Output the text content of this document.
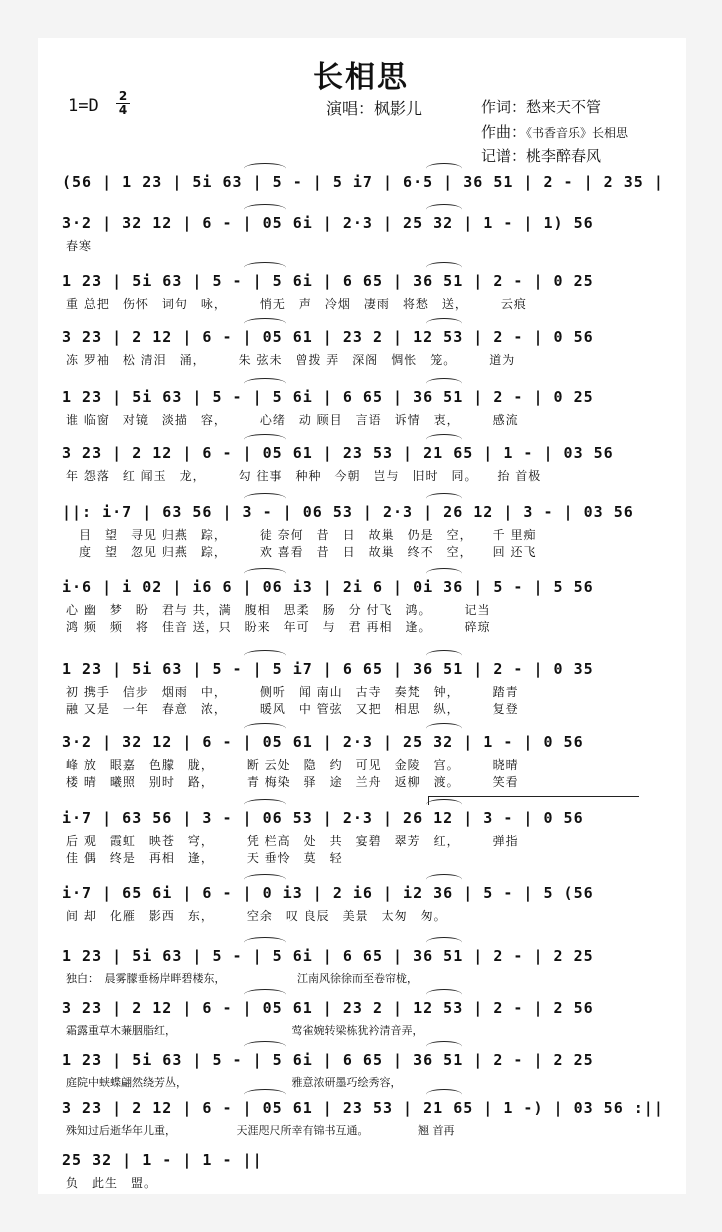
长相思
1=D 2
4	演唱：枫影儿	作词：愁来天不管
作曲：《书香音乐》长相思
记谱：桃李醉春风
(56 | 1 23 | 5i 63 | 5 - | 5 i7 | 6·5 | 36 51 | 2 - | 2 35 |
3·2 | 32 12 | 6 - | 05 6i | 2·3 | 25 32 | 1 - | 1) 56
春寒
1 23 | 5i 63 | 5 - | 5 6i | 6 65 | 36 51 | 2 - | 0 25
重 总把　伤怀　词句　咏，　　　悄无　声　冷烟　凄雨　将愁　送，　　　云痕
3 23 | 2 12 | 6 - | 05 61 | 23 2 | 12 53 | 2 - | 0 56
冻 罗袖　松 清泪　涌，　　　朱 弦未　曾拨 弄　深阁　惆怅　笼。　　　道为
1 23 | 5i 63 | 5 - | 5 6i | 6 65 | 36 51 | 2 - | 0 25
谁 临窗　对镜　淡描　容，　　　心绪　动 顾目　言语　诉情　衷，　　　感流
3 23 | 2 12 | 6 - | 05 61 | 23 53 | 21 65 | 1 - | 03 56
年 怨落　红 闻玉　龙，　　　勾 往事　种种　今朝　岂与　旧时　同。　　抬 首极
||: i·7 | 63 56 | 3 - | 06 53 | 2·3 | 26 12 | 3 - | 03 56
　目　望　寻见 归燕　踪，　　　徒 奈何　昔　日　故巢　仍是　空，　　千 里痴
　度　望　忽见 归燕　踪，　　　欢 喜看　昔　日　故巢　终不　空，　　回 还飞
i·6 | i 02 | i6 6 | 06 i3 | 2i 6 | 0i 36 | 5 - | 5 56
心 幽　梦　盼　君与 共，满　腹相　思柔　肠　分 付飞　鸿。　　　记当
鸿 频　频　将　佳音 送，只　盼来　年可　与　君 再相　逢。　　　碎琼
1 23 | 5i 63 | 5 - | 5 i7 | 6 65 | 36 51 | 2 - | 0 35
初 携手　信步　烟雨　中，　　　侧听　闻 南山　古寺　奏梵　钟，　　　踏青
融 又是　一年　春意　浓，　　　暖风　中 管弦　又把　相思　纵，　　　复登
3·2 | 32 12 | 6 - | 05 61 | 2·3 | 25 32 | 1 - | 0 56
峰 放　眼嘉　色朦　胧，　　　断 云处　隐　约　可见　金陵　宫。　　　晓晴
楼 晴　曦照　别时　路，　　　青 梅染　驿　途　兰舟　返柳　渡。　　　笑看
i·7 | 63 56 | 3 - | 06 53 | 2·3 | 26 12 | 3 - | 0 56
后 观　霞虹　映苍　穹，　　　凭 栏高　处　共　宴碧　翠芳　红，　　　弹指
佳 偶　终是　再相　逢，　　　天 垂怜　莫　轻
i·7 | 65 6i | 6 - | 0 i3 | 2 i6 | i2 36 | 5 - | 5 (56
间 却　化雁　影西　东，　　　空余　叹 良辰　美景　太匆　匆。
1 23 | 5i 63 | 5 - | 5 6i | 6 65 | 36 51 | 2 - | 2 25
独白：　晨雾朦垂杨岸畔碧楼东，　　　　　　　江南风徐徐而至卷帘栊，
3 23 | 2 12 | 6 - | 05 61 | 23 2 | 12 53 | 2 - | 2 56
霜露重草木蒹胭脂红，　　　　　　　　　　　莺雀婉转梁栋犹衿清音弄，
1 23 | 5i 63 | 5 - | 5 6i | 6 65 | 36 51 | 2 - | 2 25
庭院中蛱蝶翩然绕芳丛，　　　　　　　　　　雅意浓研墨巧绘秀容，
3 23 | 2 12 | 6 - | 05 61 | 23 53 | 21 65 | 1 -) | 03 56 :||
殊知过后逝华年儿重，　　　　　　天涯咫尺所幸有锦书互通。　　　　　翘 首再
25 32 | 1 - | 1 - ||
负　此生　盟。
